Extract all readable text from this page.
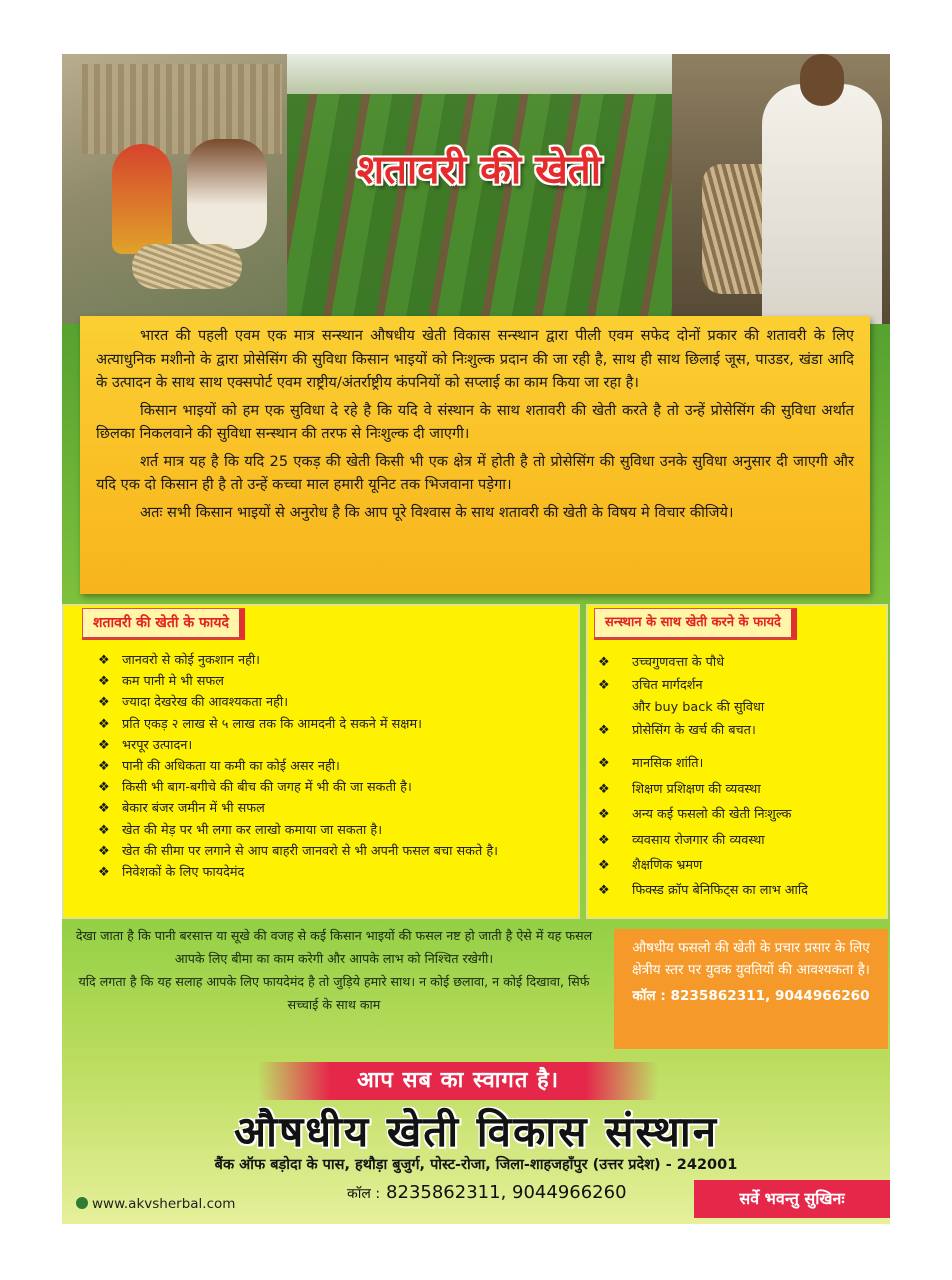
शतावरी की खेती

भारत की पहली एवम एक मात्र सन्स्थान औषधीय खेती विकास सन्स्थान द्वारा पीली एवम सफेद दोनों प्रकार की शतावरी के लिए अत्याधुनिक मशीनो के द्वारा प्रोसेसिंग की सुविधा किसान भाइयों को निःशुल्क प्रदान की जा रही है, साथ ही साथ छिलाई जूस, पाउडर, खंडा आदि के उत्पादन के साथ साथ एक्सपोर्ट एवम राष्ट्रीय/अंतर्राष्ट्रीय कंपनियों को सप्लाई का काम किया जा रहा है।

किसान भाइयों को हम एक सुविधा दे रहे है कि यदि वे संस्थान के साथ शतावरी की खेती करते है तो उन्हें प्रोसेसिंग की सुविधा अर्थात छिलका निकलवाने की सुविधा सन्स्थान की तरफ से निःशुल्क दी जाएगी।

शर्त मात्र यह है कि यदि 25 एकड़ की खेती किसी भी एक क्षेत्र में होती है तो प्रोसेसिंग की सुविधा उनके सुविधा अनुसार दी जाएगी और यदि एक दो किसान ही है तो उन्हें कच्चा माल हमारी यूनिट तक भिजवाना पड़ेगा।

अतः सभी किसान भाइयों से अनुरोध है कि आप पूरे विश्वास के साथ शतावरी की खेती के विषय मे विचार कीजिये।

शतावरी की खेती के फायदे
❖ जानवरो से कोई नुकशान नही।
❖ कम पानी मे भी सफल
❖ ज्यादा देखरेख की आवश्यकता नही।
❖ प्रति एकड़ २ लाख से ५ लाख तक कि आमदनी दे सकने में सक्षम।
❖ भरपूर उत्पादन।
❖ पानी की अधिकता या कमी का कोई असर नही।
❖ किसी भी बाग-बगीचे की बीच की जगह में भी की जा सकती है।
❖ बेकार बंजर जमीन में भी सफल
❖ खेत की मेड़ पर भी लगा कर लाखो कमाया जा सकता है।
❖ खेत की सीमा पर लगाने से आप बाहरी जानवरो से भी अपनी फसल बचा सकते है।
❖ निवेशकों के लिए फायदेमंद
सन्स्थान के साथ खेती करने के फायदे
❖ उच्चगुणवत्ता के पौधे
❖ उचित मार्गदर्शन
और buy back की सुविधा
❖ प्रोसेसिंग के खर्च की बचत।
❖ मानसिक शांति।
❖ शिक्षण प्रशिक्षण की व्यवस्था
❖ अन्य कई फसलो की खेती निःशुल्क
❖ व्यवसाय रोजगार की व्यवस्था
❖ शैक्षणिक भ्रमण
❖ फिक्स्ड क्रॉप बेनिफिट्स का लाभ आदि

देखा जाता है कि पानी बरसात्त या सूखे की वजह से कई किसान भाइयों की फसल नष्ट हो जाती है ऐसे में यह फसल आपके लिए बीमा का काम करेगी और आपके लाभ को निश्चित रखेगी।

यदि लगता है कि यह सलाह आपके लिए फायदेमंद है तो जुड़िये हमारे साथ। न कोई छलावा, न कोई दिखावा, सिर्फ सच्चाई के साथ काम

औषधीय फसलो की खेती के प्रचार प्रसार के लिए क्षेत्रीय स्तर पर युवक युवतियों की आवश्यकता है।
कॉल : 8235862311, 9044966260
आप सब का स्वागत है।
औषधीय खेती विकास संस्थान
बैंक ऑफ बड़ोदा के पास, हथौड़ा बुजुर्ग, पोस्ट-रोजा, जिला-शाहजहाँपुर (उत्तर प्रदेश) - 242001
www.akvsherbal.com
कॉल : 8235862311, 9044966260	सर्वे भवन्तु सुखिनः
